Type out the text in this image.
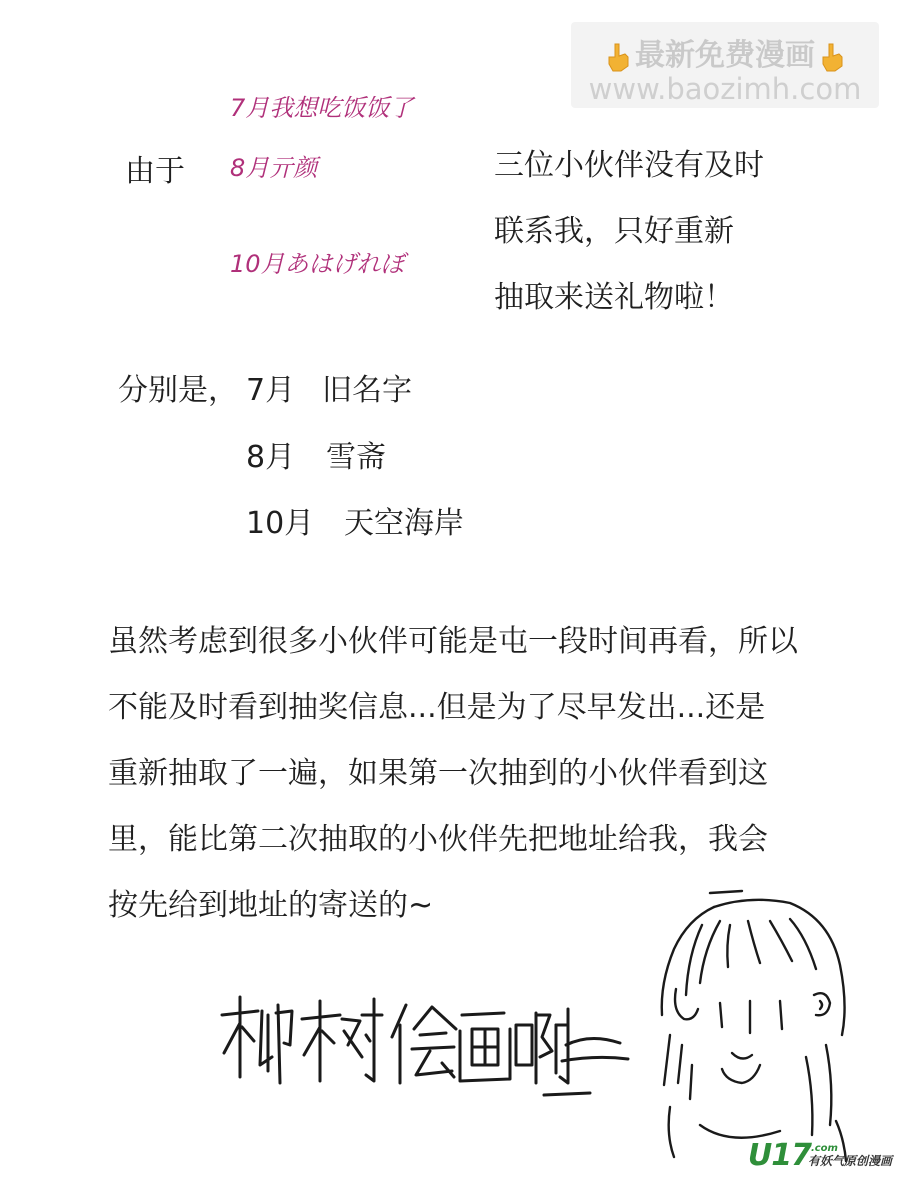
最新免费漫画
www.baozimh.com
由于
7月我想吃饭饭了
8月亓颜
10月あはげれぼ
三位小伙伴没有及时
联系我，只好重新
抽取来送礼物啦！
分别是， 7月 旧名字
8月 雪斋
10月 天空海岸
虽然考虑到很多小伙伴可能是屯一段时间再看，所以
不能及时看到抽奖信息...但是为了尽早发出...还是
重新抽取了一遍，如果第一次抽到的小伙伴看到这
里，能比第二次抽取的小伙伴先把地址给我，我会
按先给到地址的寄送的~
$U17^{.com}$有妖气原创漫画
